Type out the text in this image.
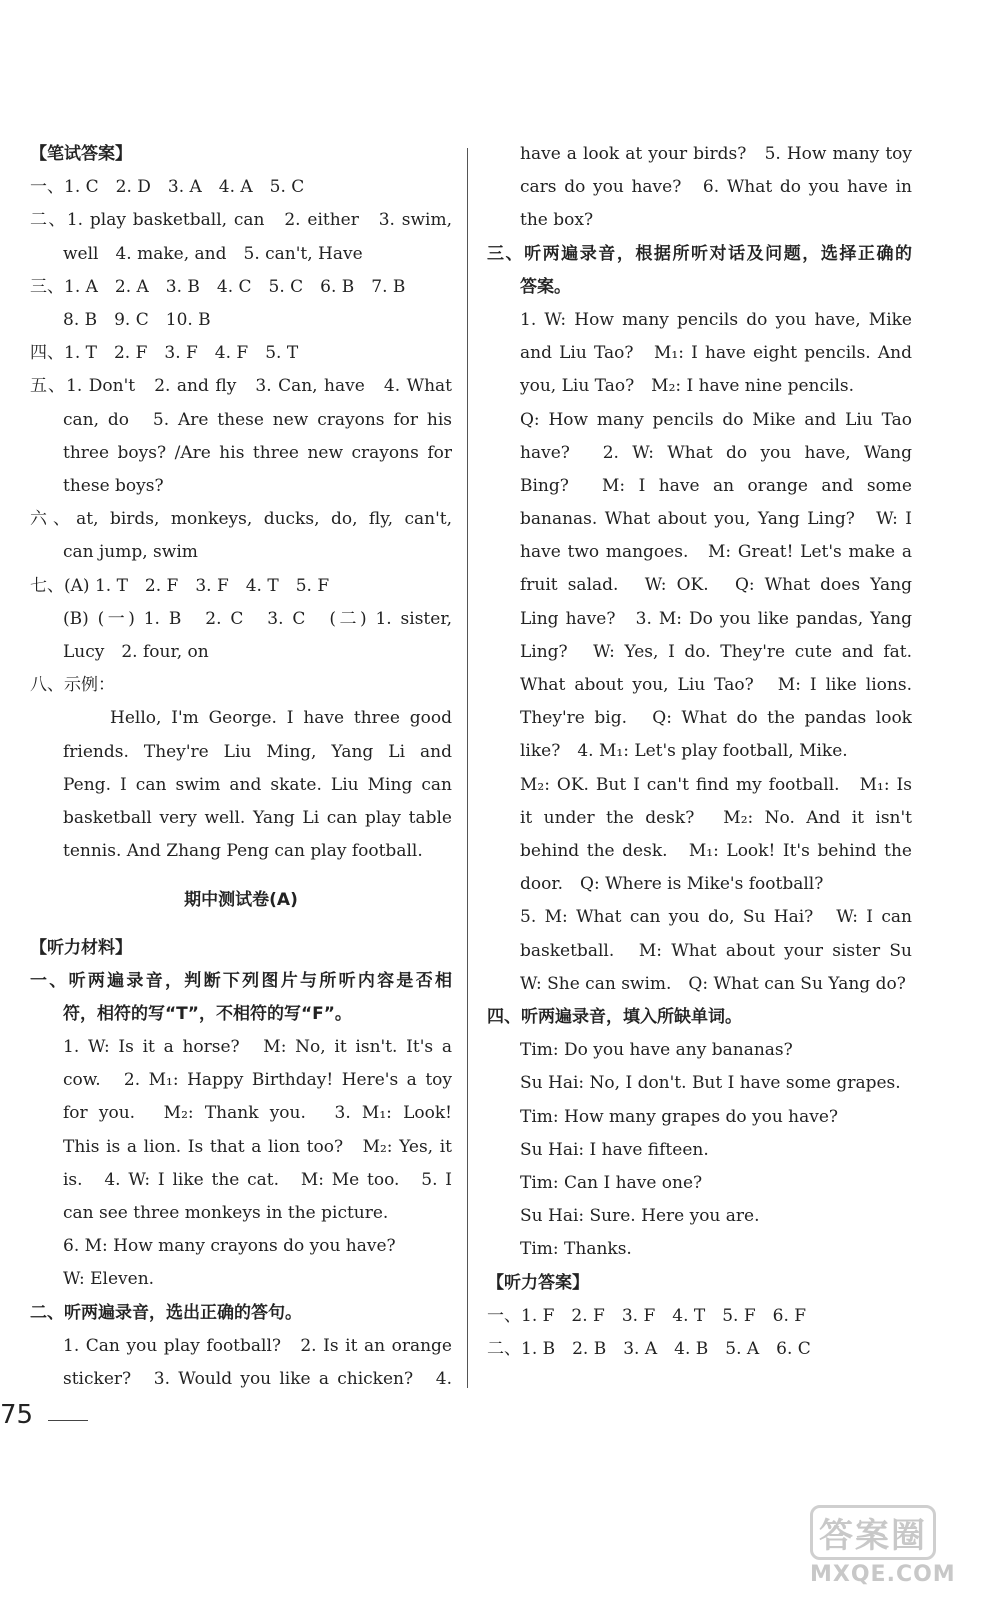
【笔试答案】
一、1. C　2. D　3. A　4. A　5. C
二、1. play basketball, can　2. either　3. swim,
well　4. make, and　5. can't, Have
三、1. A　2. A　3. B　4. C　5. C　6. B　7. B
8. B　9. C　10. B
四、1. T　2. F　3. F　4. F　5. T
五、1. Don't　2. and fly　3. Can, have　4. What
can, do　5. Are these new crayons for his
three boys? /Are his three new crayons for
these boys?
六、at, birds, monkeys, ducks, do, fly, can't,
can jump, swim
七、(A) 1. T　2. F　3. F　4. T　5. F
(B) (一) 1. B　2. C　3. C　(二) 1. sister,
Lucy　2. four, on
八、示例：
Hello, I'm George. I have three good
friends. They're Liu Ming, Yang Li and
Peng. I can swim and skate. Liu Ming can
basketball very well. Yang Li can play table
tennis. And Zhang Peng can play football.
期中测试卷(A)
【听力材料】
一、听两遍录音，判断下列图片与所听内容是否相
符，相符的写“T”，不相符的写“F”。
1. W: Is it a horse?　M: No, it isn't. It's a
cow.　2. M₁: Happy Birthday! Here's a toy
for you.　M₂: Thank you.　3. M₁: Look!
This is a lion. Is that a lion too?　M₂: Yes, it
is.　4. W: I like the cat.　M: Me too.　5. I
can see three monkeys in the picture.
6. M: How many crayons do you have?
W: Eleven.
二、听两遍录音，选出正确的答句。
1. Can you play football?　2. Is it an orange
sticker?　3. Would you like a chicken?　4.
have a look at your birds?　5. How many toy
cars do you have?　6. What do you have in
the box?
三、听两遍录音，根据所听对话及问题，选择正确的
答案。
1. W: How many pencils do you have, Mike
and Liu Tao?　M₁: I have eight pencils. And
you, Liu Tao?　M₂: I have nine pencils.
Q: How many pencils do Mike and Liu Tao
have?　2. W: What do you have, Wang
Bing?　M: I have an orange and some
bananas. What about you, Yang Ling?　W: I
have two mangoes.　M: Great! Let's make a
fruit salad.　W: OK.　Q: What does Yang
Ling have?　3. M: Do you like pandas, Yang
Ling?　W: Yes, I do. They're cute and fat.
What about you, Liu Tao?　M: I like lions.
They're big.　Q: What do the pandas look
like?　4. M₁: Let's play football, Mike.
M₂: OK. But I can't find my football.　M₁: Is
it under the desk?　M₂: No. And it isn't
behind the desk.　M₁: Look! It's behind the
door.　Q: Where is Mike's football?
5. M: What can you do, Su Hai?　W: I can
basketball.　M: What about your sister Su
W: She can swim.　Q: What can Su Yang do?
四、听两遍录音，填入所缺单词。
Tim: Do you have any bananas?
Su Hai: No, I don't. But I have some grapes.
Tim: How many grapes do you have?
Su Hai: I have fifteen.
Tim: Can I have one?
Su Hai: Sure. Here you are.
Tim: Thanks.
【听力答案】
一、1. F　2. F　3. F　4. T　5. F　6. F
二、1. B　2. B　3. A　4. B　5. A　6. C
75
答案圈
MXQE.COM
